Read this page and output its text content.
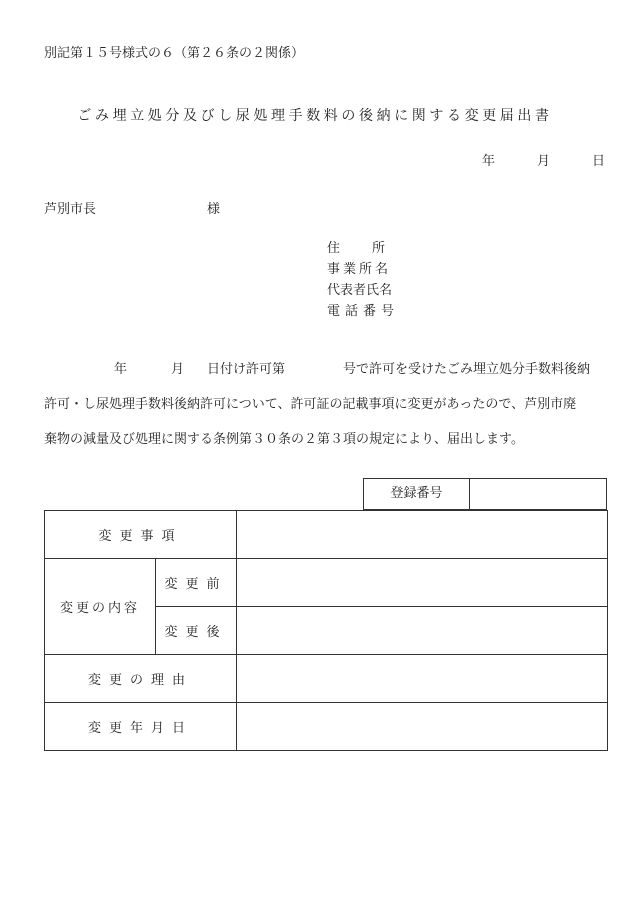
別記第１５号様式の６（第２６条の２関係）
ごみ埋立処分及びし尿処理手数料の後納に関する変更届出書
年	月	日
芦別市長	様
住　　所
事業所名
代表者氏名
電話番号
年	月 日付け許可第	号で許可を受けたごみ埋立処分手数料後納

許可・し尿処理手数料後納許可について、許可証の記載事項に変更があったので、芦別市廃

棄物の減量及び処理に関する条例第３０条の２第３項の規定により、届出します。

登録番号
変更事項		
変更の内容	変更前	
	変更後	
変更の理由		
変更年月日		
